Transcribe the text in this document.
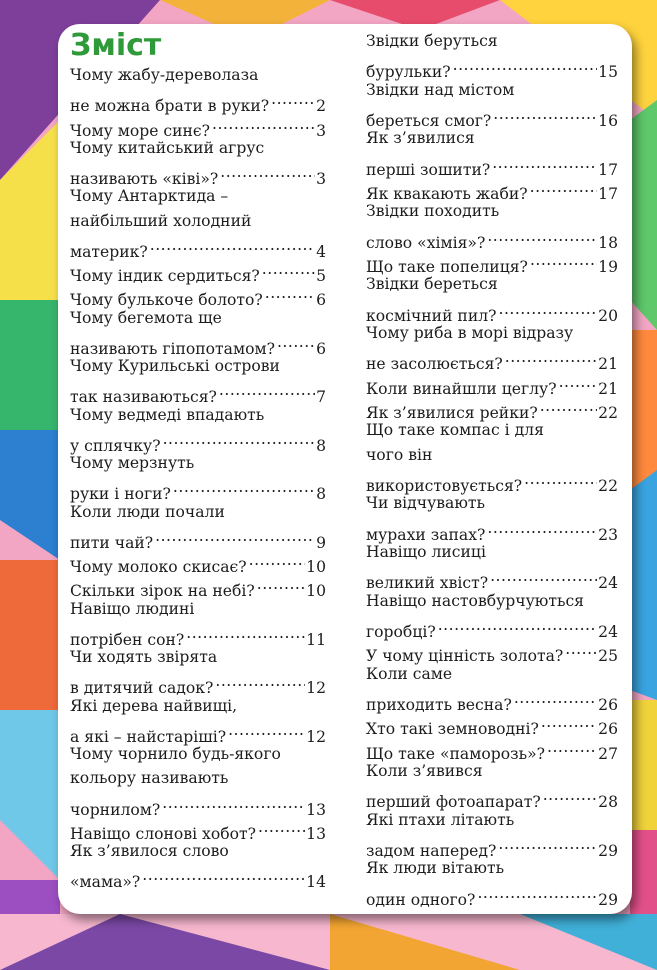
Зміст
Чому жабу-дереволаза
не можна брати в руки? .....	2
Чому море синє? .....	3
Чому китайський агрус
називають «ківі»? .....	3
Чому Антарктида –
найбільший холодний
материк? .....	4
Чому індик сердиться? .....	5
Чому булькоче болото? .....	6
Чому бегемота ще
називають гіпопотамом? .....	6
Чому Курильські острови
так називаються? .....	7
Чому ведмеді впадають
у сплячку? .....	8
Чому мерзнуть
руки і ноги? .....	8
Коли люди почали
пити чай? .....	9
Чому молоко скисає? .....	10
Скільки зірок на небі? .....	10
Навіщо людині
потрібен сон? .....	11
Чи ходять звірята
в дитячий садок? .....	12
Які дерева найвищі,
а які – найстаріші? .....	12
Чому чорнило будь-якого
кольору називають
чорнилом? .....	13
Навіщо слонові хобот? .....	13
Як з’явилося слово
«мама»? .....	14
Звідки беруться
бурульки? .....	15
Звідки над містом
береться смог? .....	16
Як з’явилися
перші зошити? .....	17
Як квакають жаби? .....	17
Звідки походить
слово «хімія»? .....	18
Що таке попелиця? .....	19
Звідки береться
космічний пил? .....	20
Чому риба в морі відразу
не засолюється? .....	21
Коли винайшли цеглу? .....	21
Як з’явилися рейки? .....	22
Що таке компас і для
чого він
використовується? .....	22
Чи відчувають
мурахи запах? .....	23
Навіщо лисиці
великий хвіст? .....	24
Навіщо настовбурчуються
горобці? .....	24
У чому цінність золота? ..... 25
Коли саме
приходить весна? .....	26
Хто такі земноводні? .....	26
Що таке «паморозь»? .....	27
Коли з’явився
перший фотоапарат? .....	28
Які птахи літають
задом наперед? .....	29
Як люди вітають
один одного? .....	29
